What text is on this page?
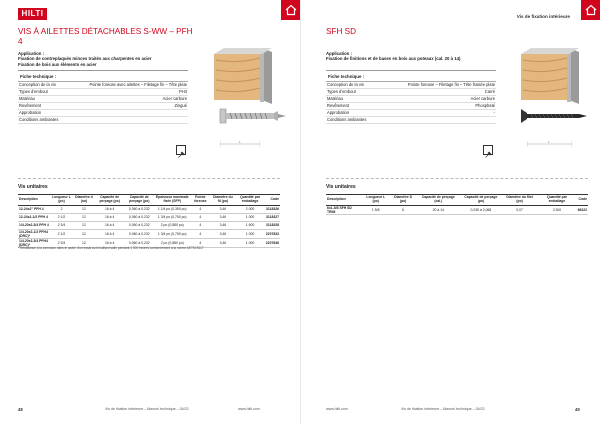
HILTI
VIS À AILETTES DÉTACHABLES S-WW – PFH 4
Application :
Fixation de contreplaqués minces traités aux charpentes en acier
Fixation de bois aux éléments en acier
Fiche technique :
Conception de la vis	Pointe foreuse avec ailettes – Filetage fin – Tête plate
Types d'embout	PH3
Matériau	Acier carbure
Revêtement	Zingué
Approbation
Conditions ambiantes
L
Vis unitaires
Description	Longueur L (po)	Diamètre d (no)	Capacité de perçage (po)	Capacité de perçage (po)	Épaisseur maximale fixée (SFP)	Pointe foreuse	Diamètre du fil (po)	Quantité par emballage	Code
12-24x2" PFH 4	2	12	16 à 4	0,060 à 0,232	1 1/4 po (0,350 po)	4	3,46	2 000	3118326
12-24x2-1/2 PFH 4	2 1/2	12	16 à 4	0,060 à 0,232	1 3/4 po (0,750 po)	4	3,46	1 000	3118327
1/4-20x2-3/4 PFH 4	2 3/4	12	16 à 4	0,060 à 0,232	2 po (0,880 po)	4	3,46	1 600	3118328
1/4-20x2-1/2 PFH4 (DRC)*	2 1/2	12	16 à 4	0,060 à 0,232	1 3/4 po (0,750 po)	4	3,46	1 000	2207833
1/4-20x2-3/4 PFH4 (DRC)*	2 3/4	12	16 à 4	0,060 à 0,232	2 po (0,880 po)	4	3,46	1 000	2207836
* Résistance à la corrosion dans le cadre d'un essai au brouillard salin pendant 1 000 heures conformément à la norme ASTM B117
48	Vis de fixation intérieure – Manuel technique – 04/22	www.hilti.com
Vis de fixation intérieure
SFH SD
Application :
Fixation de finitions et de bases en bois aux poteaux (cal. 20 à 14)
Fiche technique :
Conception de la vis	Pointe foreuse – Filetage fin – Tête fraisée plate
Types d'embout	Carré
Matériau	Acier carbure
Revêtement	Phosphaté
Approbation	-
Conditions ambiantes
L
Vis unitaires
Description	Longueur L (po)	Diamètre D (po)	Capacité de perçage (cal.)	Capacité de perçage (po)	Diamètre du filet (po)	Quantité par emballage	Code
6x1-5/8 SFH SD TRIM	1 5/8	6	20 à 14	0,035 à 0,068	0,07	3 300	66222
www.hilti.com	Vis de fixation intérieure – Manuel technique – 04/22	49
